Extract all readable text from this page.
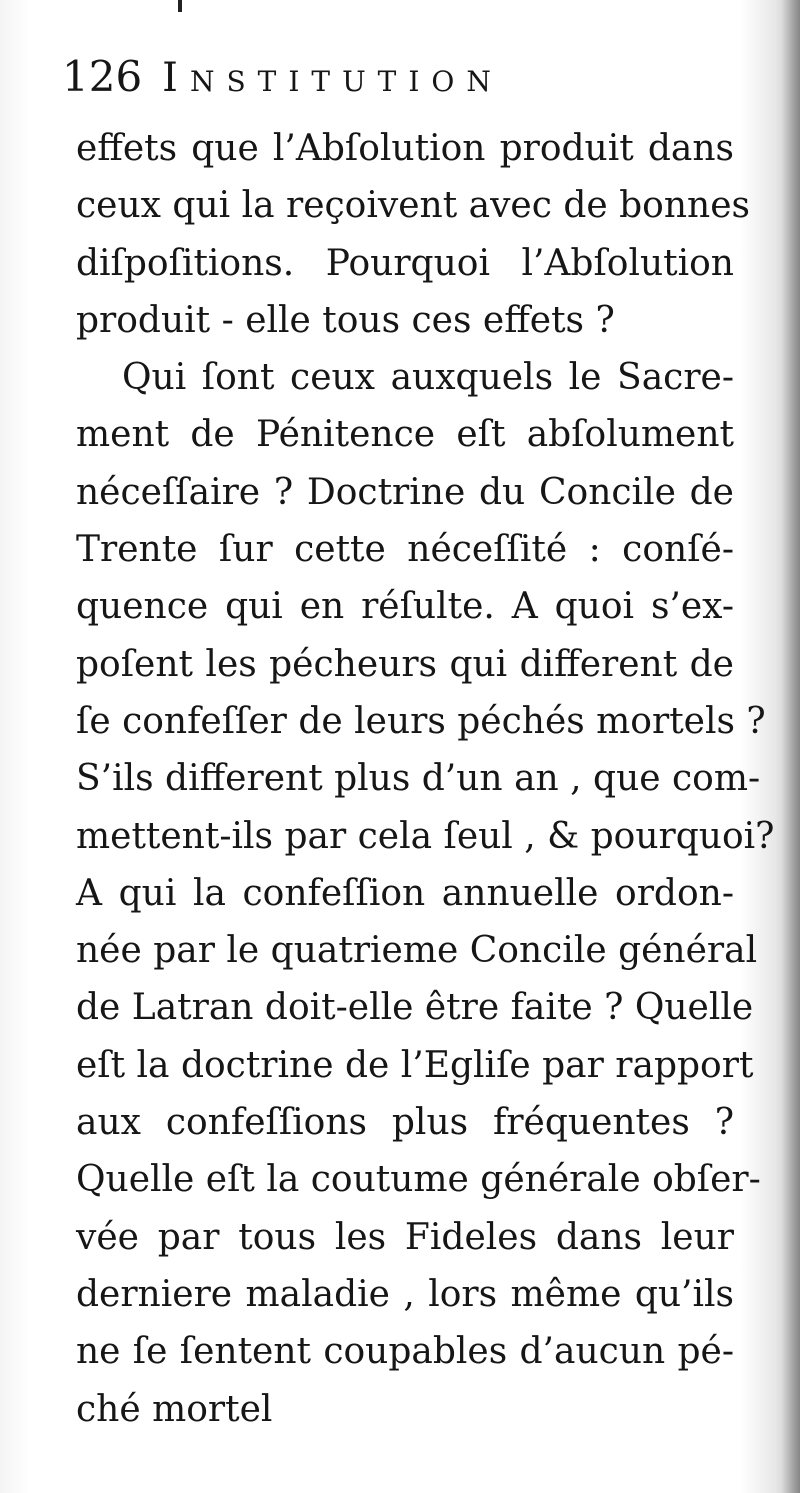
126 Institution
effets que l’Abſolution produit dans
ceux qui la reçoivent avec de bonnes
diſpoſitions. Pourquoi l’Abſolution
produit - elle tous ces effets ?
Qui ſont ceux auxquels le Sacre-
ment de Pénitence eſt abſolument
néceſſaire ? Doctrine du Concile de
Trente ſur cette néceſſité : conſé-
quence qui en réſulte. A quoi s’ex-
poſent les pécheurs qui different de
ſe confeſſer de leurs péchés mortels ?
S’ils different plus d’un an , que com-
mettent-ils par cela ſeul , & pourquoi?
A qui la confeſſion annuelle ordon-
née par le quatrieme Concile général
de Latran doit-elle être faite ? Quelle
eſt la doctrine de l’Egliſe par rapport
aux confeſſions plus fréquentes ?
Quelle eſt la coutume générale obſer-
vée par tous les Fideles dans leur
derniere maladie , lors même qu’ils
ne ſe ſentent coupables d’aucun pé-
ché mortel
